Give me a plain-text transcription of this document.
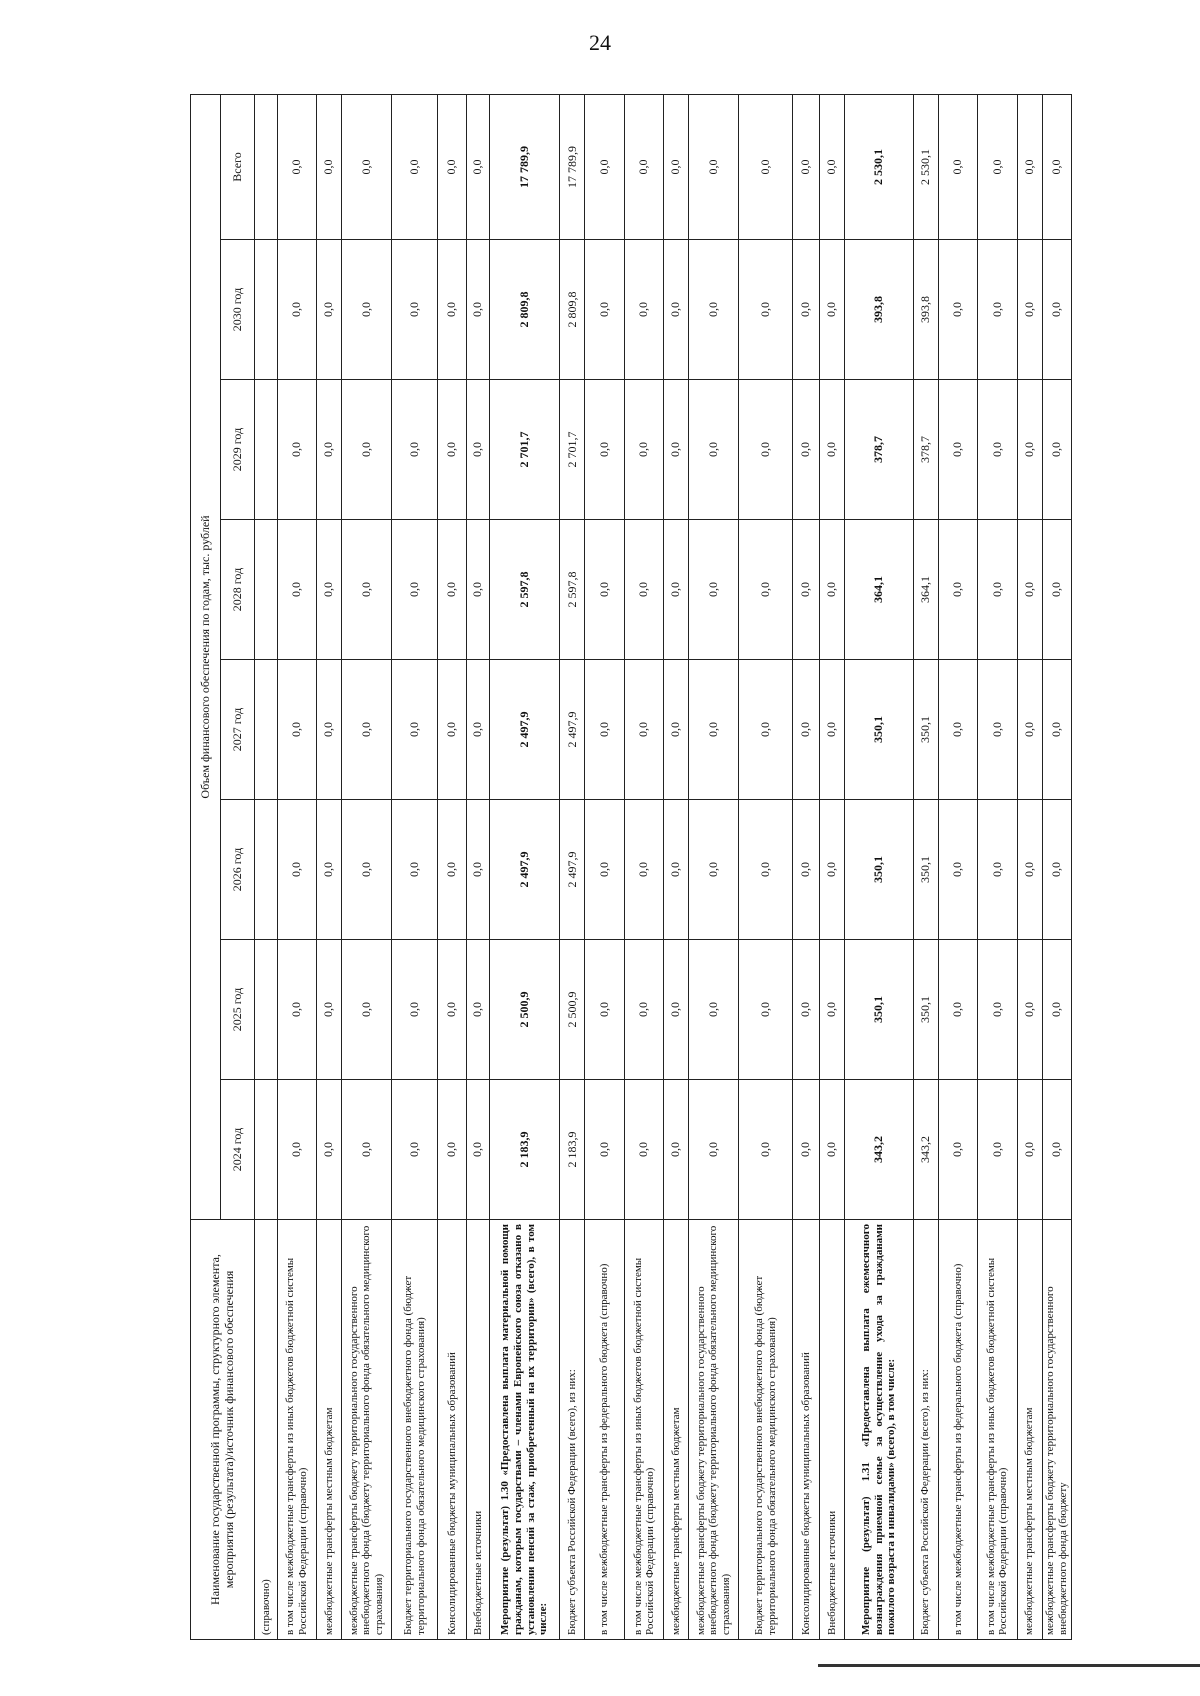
24
Наименование государственной программы, структурного элемента, мероприятия (результата)/источник финансового обеспечения	Объем финансового обеспечения по годам, тыс. рублей							
	2024 год	2025 год	2026 год	2027 год	2028 год	2029 год	2030 год	Всего
(справочно)								
в том числе межбюджетные трансферты из иных бюджетов бюджетной системы Российской Федерации (справочно)	0,0	0,0	0,0	0,0	0,0	0,0	0,0	0,0
межбюджетные трансферты местным бюджетам	0,0	0,0	0,0	0,0	0,0	0,0	0,0	0,0
межбюджетные трансферты бюджету территориального государственного внебюджетного фонда (бюджету территориального фонда обязательного медицинского страхования)	0,0	0,0	0,0	0,0	0,0	0,0	0,0	0,0
Бюджет территориального государственного внебюджетного фонда (бюджет территориального фонда обязательного медицинского страхования)	0,0	0,0	0,0	0,0	0,0	0,0	0,0	0,0
Консолидированные бюджеты муниципальных образований	0,0	0,0	0,0	0,0	0,0	0,0	0,0	0,0
Внебюджетные источники	0,0	0,0	0,0	0,0	0,0	0,0	0,0	0,0
Мероприятие (результат) 1.30 «Предоставлена выплата материальной помощи гражданам, которым государствами – членами Европейского союза отказано в установлении пенсий за стаж, приобретенный на их территории» (всего), в том числе:	2 183,9	2 500,9	2 497,9	2 497,9	2 597,8	2 701,7	2 809,8	17 789,9
Бюджет субъекта Российской Федерации (всего), из них:	2 183,9	2 500,9	2 497,9	2 497,9	2 597,8	2 701,7	2 809,8	17 789,9
в том числе межбюджетные трансферты из федерального бюджета (справочно)	0,0	0,0	0,0	0,0	0,0	0,0	0,0	0,0
в том числе межбюджетные трансферты из иных бюджетов бюджетной системы Российской Федерации (справочно)	0,0	0,0	0,0	0,0	0,0	0,0	0,0	0,0
межбюджетные трансферты местным бюджетам	0,0	0,0	0,0	0,0	0,0	0,0	0,0	0,0
межбюджетные трансферты бюджету территориального государственного внебюджетного фонда (бюджету территориального фонда обязательного медицинского страхования)	0,0	0,0	0,0	0,0	0,0	0,0	0,0	0,0
Бюджет территориального государственного внебюджетного фонда (бюджет территориального фонда обязательного медицинского страхования)	0,0	0,0	0,0	0,0	0,0	0,0	0,0	0,0
Консолидированные бюджеты муниципальных образований	0,0	0,0	0,0	0,0	0,0	0,0	0,0	0,0
Внебюджетные источники	0,0	0,0	0,0	0,0	0,0	0,0	0,0	0,0
Мероприятие (результат) 1.31 «Предоставлена выплата ежемесячного вознаграждения приемной семье за осуществление ухода за гражданами пожилого возраста и инвалидами» (всего), в том числе:	343,2	350,1	350,1	350,1	364,1	378,7	393,8	2 530,1
Бюджет субъекта Российской Федерации (всего), из них:	343,2	350,1	350,1	350,1	364,1	378,7	393,8	2 530,1
в том числе межбюджетные трансферты из федерального бюджета (справочно)	0,0	0,0	0,0	0,0	0,0	0,0	0,0	0,0
в том числе межбюджетные трансферты из иных бюджетов бюджетной системы Российской Федерации (справочно)	0,0	0,0	0,0	0,0	0,0	0,0	0,0	0,0
межбюджетные трансферты местным бюджетам	0,0	0,0	0,0	0,0	0,0	0,0	0,0	0,0
межбюджетные трансферты бюджету территориального государственного внебюджетного фонда (бюджету	0,0	0,0	0,0	0,0	0,0	0,0	0,0	0,0
